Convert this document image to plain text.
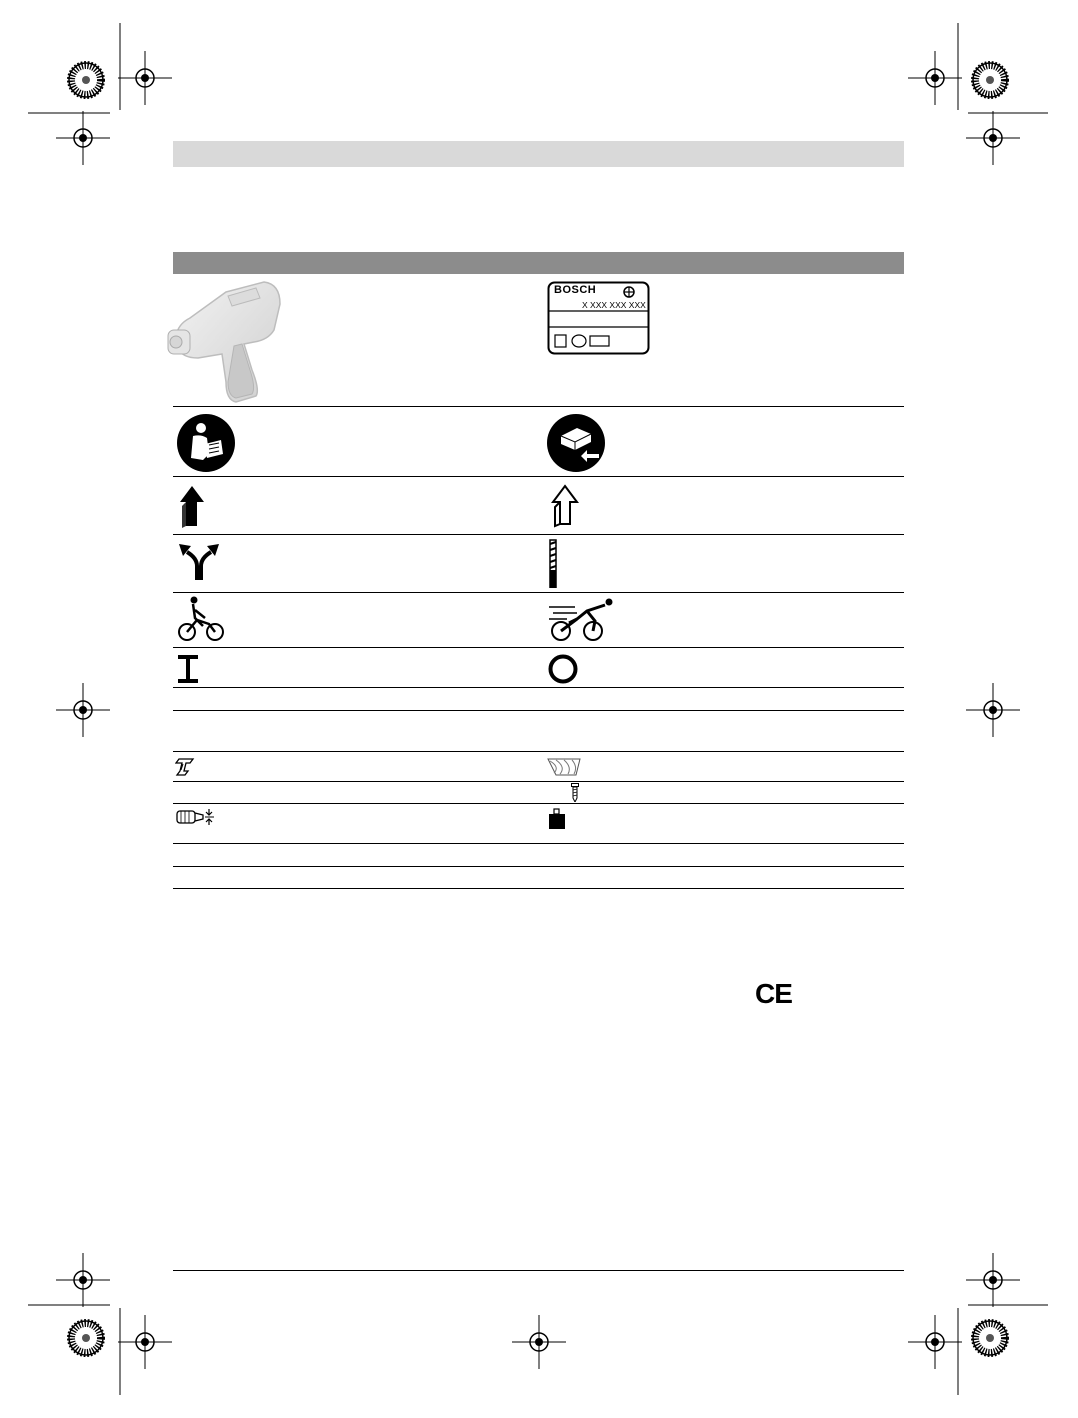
BOSCH
X XXX XXX XXX
CE
